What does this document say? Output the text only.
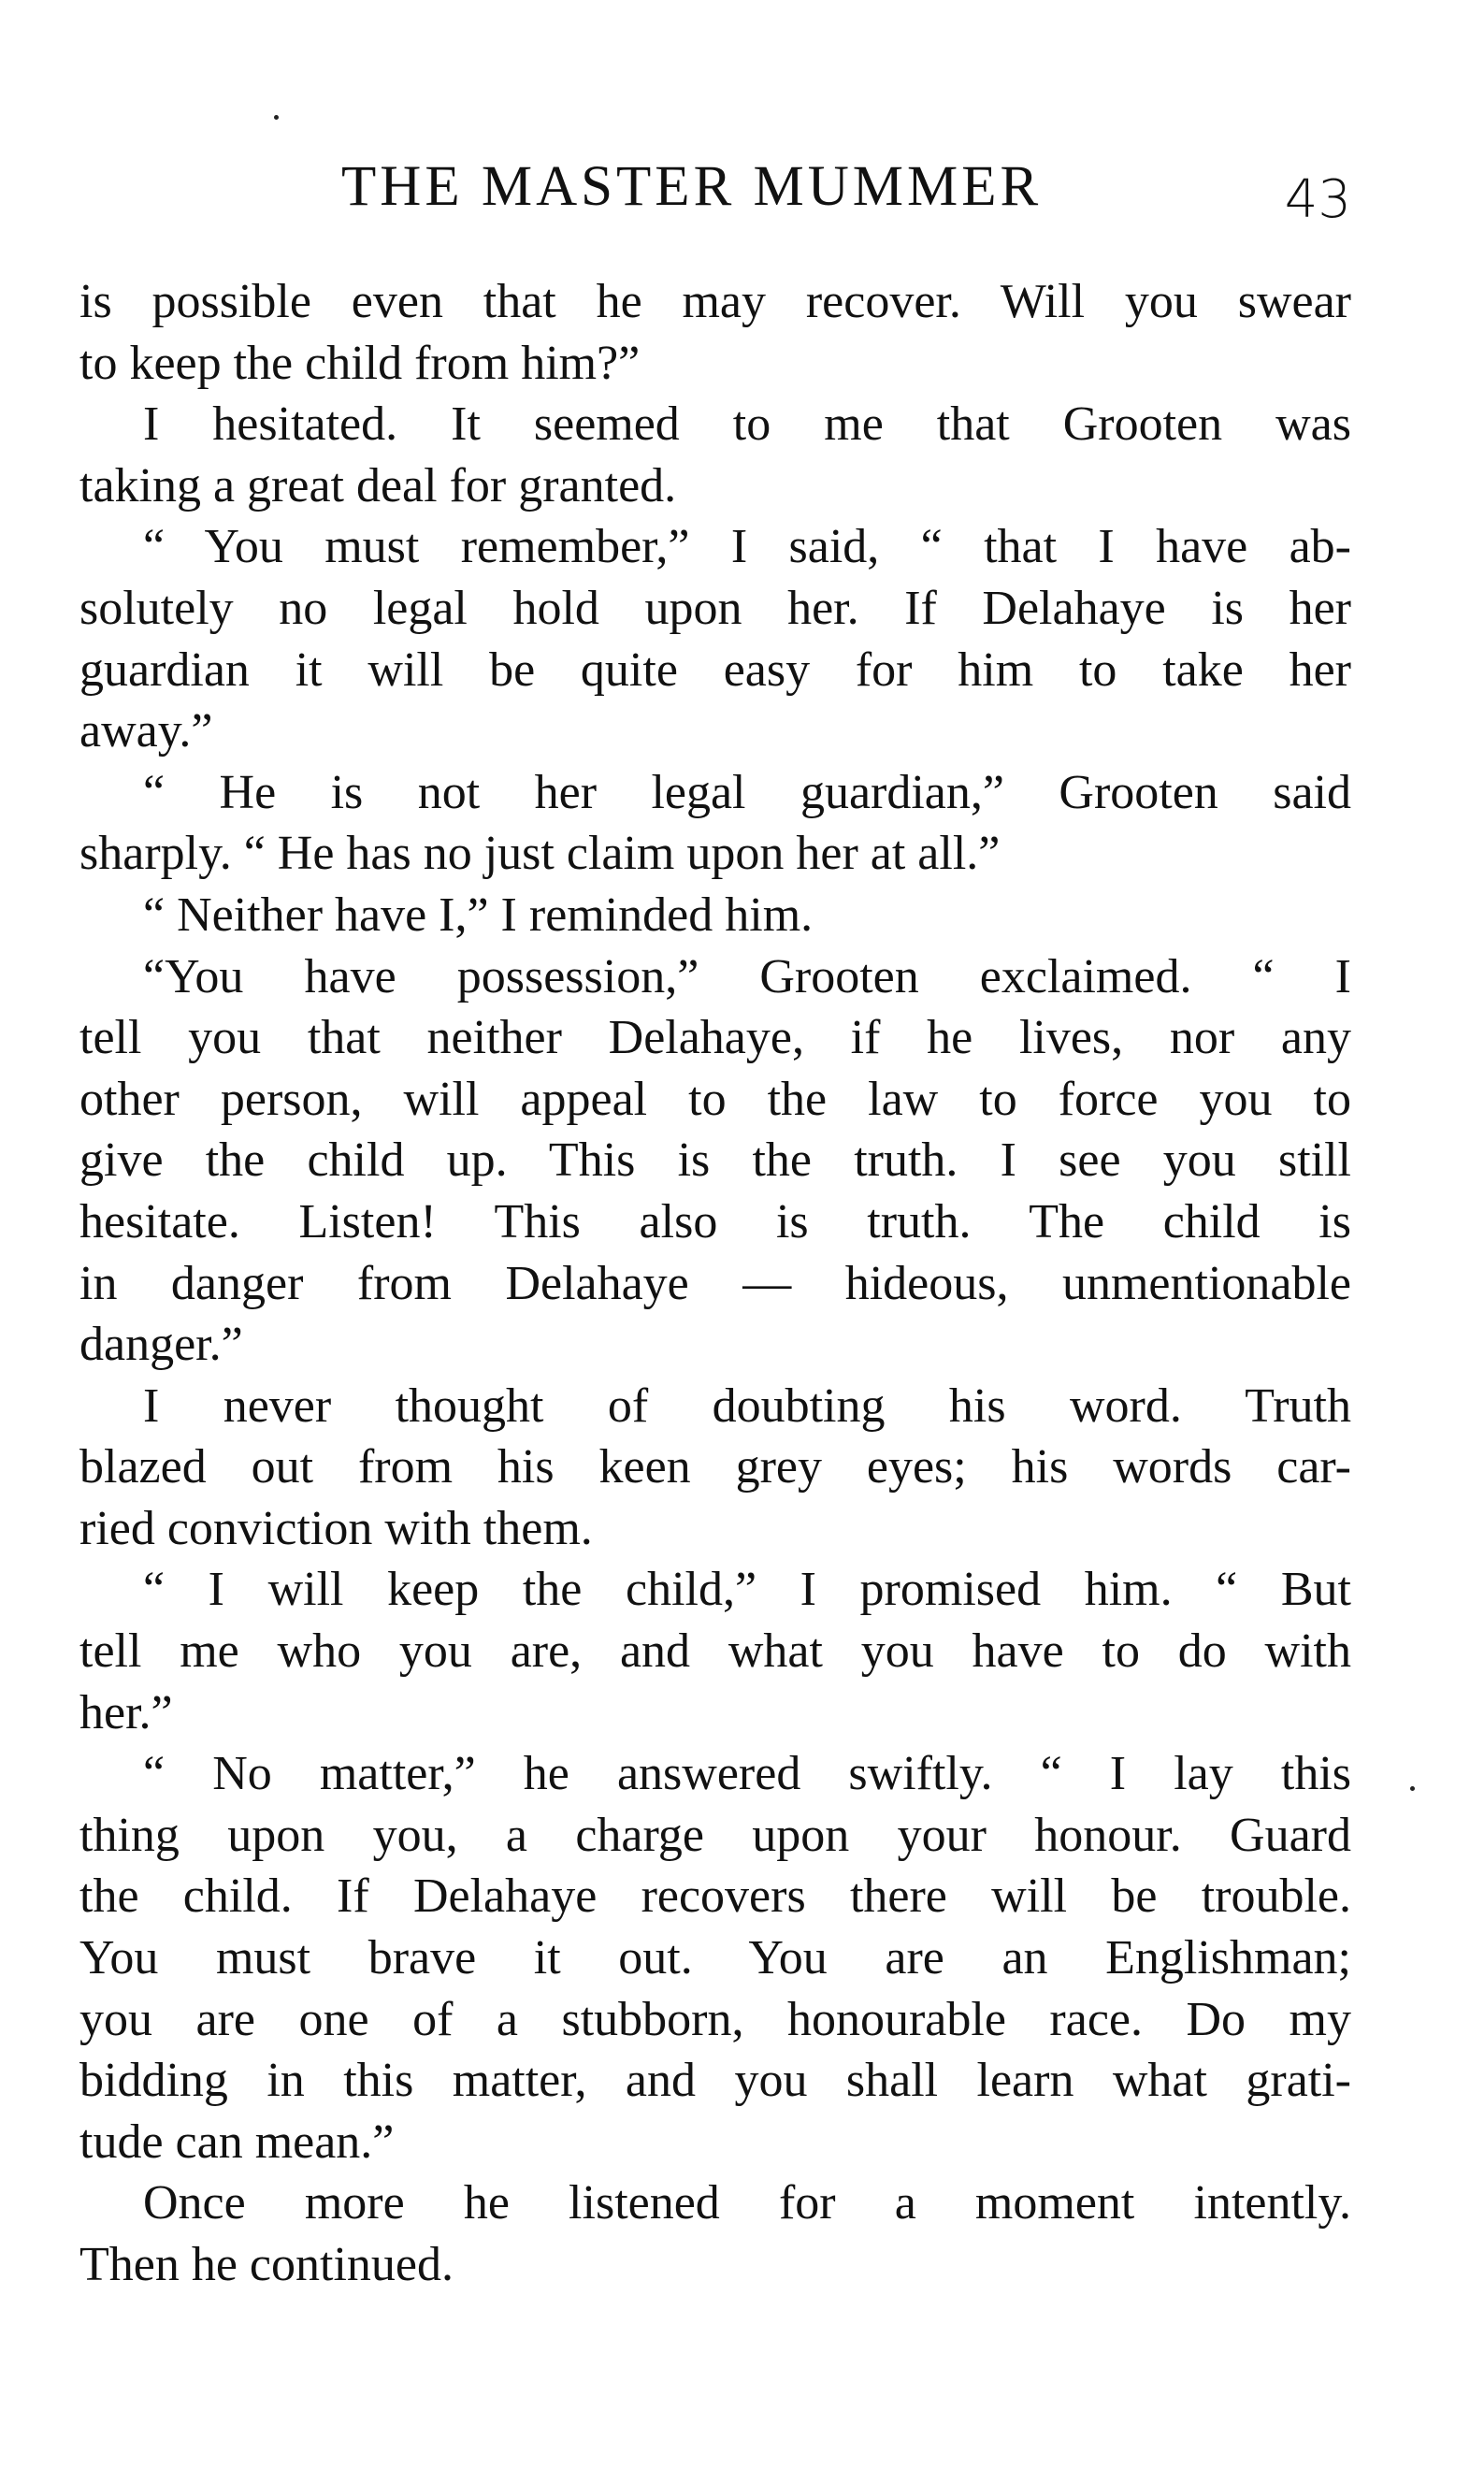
THE MASTER MUMMER	43
is possible even that he may recover. Will you swear
to keep the child from him?”
I hesitated. It seemed to me that Grooten was
taking a great deal for granted.
“ You must remember,” I said, “ that I have ab-
solutely no legal hold upon her. If Delahaye is her
guardian it will be quite easy for him to take her
away.”
“ He is not her legal guardian,” Grooten said
sharply. “ He has no just claim upon her at all.”
“ Neither have I,” I reminded him.
“You have possession,” Grooten exclaimed. “ I
tell you that neither Delahaye, if he lives, nor any
other person, will appeal to the law to force you to
give the child up. This is the truth. I see you still
hesitate. Listen! This also is truth. The child is
in danger from Delahaye — hideous, unmentionable
danger.”
I never thought of doubting his word. Truth
blazed out from his keen grey eyes; his words car-
ried conviction with them.
“ I will keep the child,” I promised him. “ But
tell me who you are, and what you have to do with
her.”
“ No matter,” he answered swiftly. “ I lay this
thing upon you, a charge upon your honour. Guard
the child. If Delahaye recovers there will be trouble.
You must brave it out. You are an Englishman;
you are one of a stubborn, honourable race. Do my
bidding in this matter, and you shall learn what grati-
tude can mean.”
Once more he listened for a moment intently.
Then he continued.
